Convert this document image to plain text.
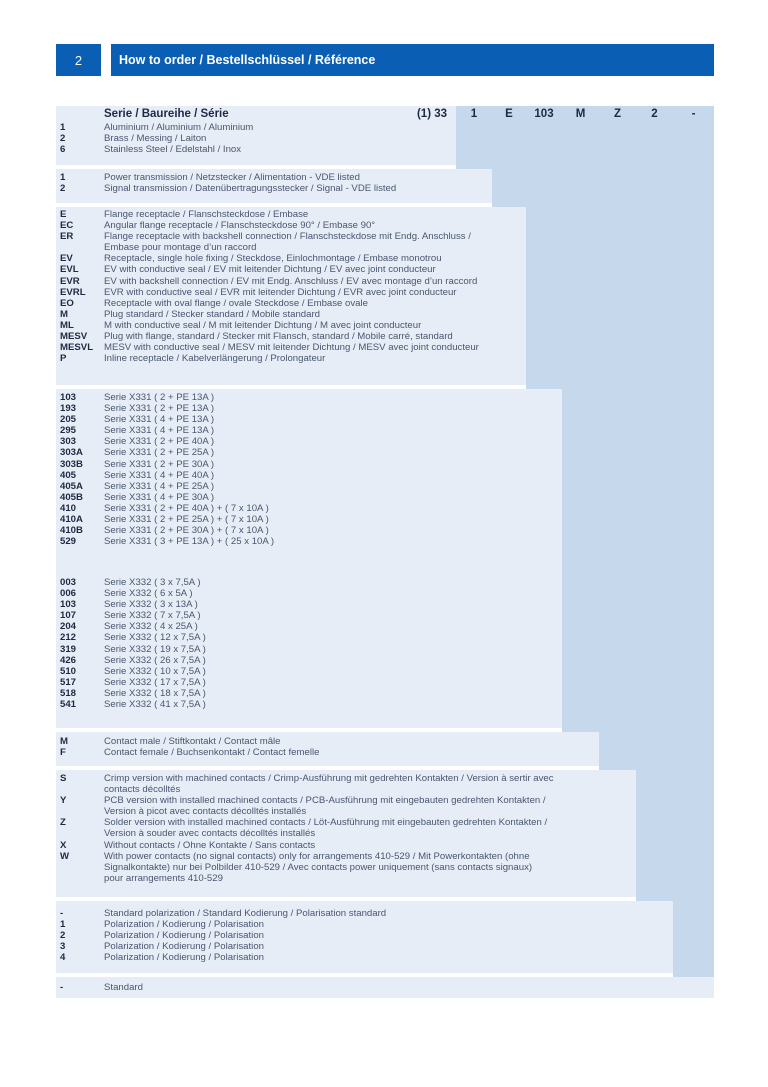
2	How to order / Bestellschlüssel / Référence
Serie / Baureihe / Série	(1) 33	1	E	103	M	Z	2	-
1	Aluminium / Aluminium / Aluminium
2	Brass / Messing / Laiton
6	Stainless Steel / Edelstahl / Inox
1	Power transmission / Netzstecker / Alimentation - VDE listed
2	Signal transmission / Datenübertragungsstecker / Signal - VDE listed
E	Flange receptacle / Flanschsteckdose / Embase
EC	Angular flange receptacle / Flanschsteckdose 90° / Embase 90°
ER	Flange receptacle with backshell connection / Flanschsteckdose mit Endg. Anschluss /
Embase pour montage d’un raccord
EV	Receptacle, single hole fixing / Steckdose, Einlochmontage / Embase monotrou
EVL	EV with conductive seal / EV mit leitender Dichtung / EV avec joint conducteur
EVR	EV with backshell connection / EV mit Endg. Anschluss / EV avec montage d’un raccord
EVRL	EVR with conductive seal / EVR mit leitender Dichtung / EVR avec joint conducteur
EO	Receptacle with oval flange / ovale Steckdose / Embase ovale
M	Plug standard / Stecker standard / Mobile standard
ML	M with conductive seal / M mit leitender Dichtung / M avec joint conducteur
MESV	Plug with flange, standard / Stecker mit Flansch, standard / Mobile carré, standard
MESVL	MESV with conductive seal / MESV mit leitender Dichtung / MESV avec joint conducteur
P	Inline receptacle / Kabelverlängerung / Prolongateur
103	Serie X331 ( 2 + PE 13A )
193	Serie X331 ( 2 + PE 13A )
205	Serie X331 ( 4 + PE 13A )
295	Serie X331 ( 4 + PE 13A )
303	Serie X331 ( 2 + PE 40A )
303A	Serie X331 ( 2 + PE 25A )
303B	Serie X331 ( 2 + PE 30A )
405	Serie X331 ( 4 + PE 40A )
405A	Serie X331 ( 4 + PE 25A )
405B	Serie X331 ( 4 + PE 30A )
410	Serie X331 ( 2 + PE 40A ) + ( 7 x 10A )
410A	Serie X331 ( 2 + PE 25A ) + ( 7 x 10A )
410B	Serie X331 ( 2 + PE 30A ) + ( 7 x 10A )
529	Serie X331 ( 3 + PE 13A ) + ( 25 x 10A )
003	Serie X332 ( 3 x 7,5A )
006	Serie X332 ( 6 x 5A )
103	Serie X332 ( 3 x 13A )
107	Serie X332 ( 7 x 7,5A )
204	Serie X332 ( 4 x 25A )
212	Serie X332 ( 12 x 7,5A )
319	Serie X332 ( 19 x 7,5A )
426	Serie X332 ( 26 x 7,5A )
510	Serie X332 ( 10 x 7,5A )
517	Serie X332 ( 17 x 7,5A )
518	Serie X332 ( 18 x 7,5A )
541	Serie X332 ( 41 x 7,5A )
M	Contact male / Stiftkontakt / Contact mâle
F	Contact female / Buchsenkontakt / Contact femelle
S	Crimp version with machined contacts / Crimp-Ausführung mit gedrehten Kontakten / Version à sertir avec
contacts décolltés
Y	PCB version with installed machined contacts / PCB-Ausführung mit eingebauten gedrehten Kontakten /
Version à picot avec contacts décolltés installés
Z	Solder version with installed machined contacts / Löt-Ausführung mit eingebauten gedrehten Kontakten /
Version à souder avec contacts décolltés installés
X	Without contacts / Ohne Kontakte / Sans contacts
W	With power contacts (no signal contacts) only for arrangements 410-529 / Mit Powerkontakten (ohne
Signalkontakte) nur bei Polbilder 410-529 / Avec contacts power uniquement (sans contacts signaux)
pour arrangements 410-529
-	Standard polarization / Standard Kodierung / Polarisation standard
1	Polarization / Kodierung / Polarisation
2	Polarization / Kodierung / Polarisation
3	Polarization / Kodierung / Polarisation
4	Polarization / Kodierung / Polarisation
-	Standard
